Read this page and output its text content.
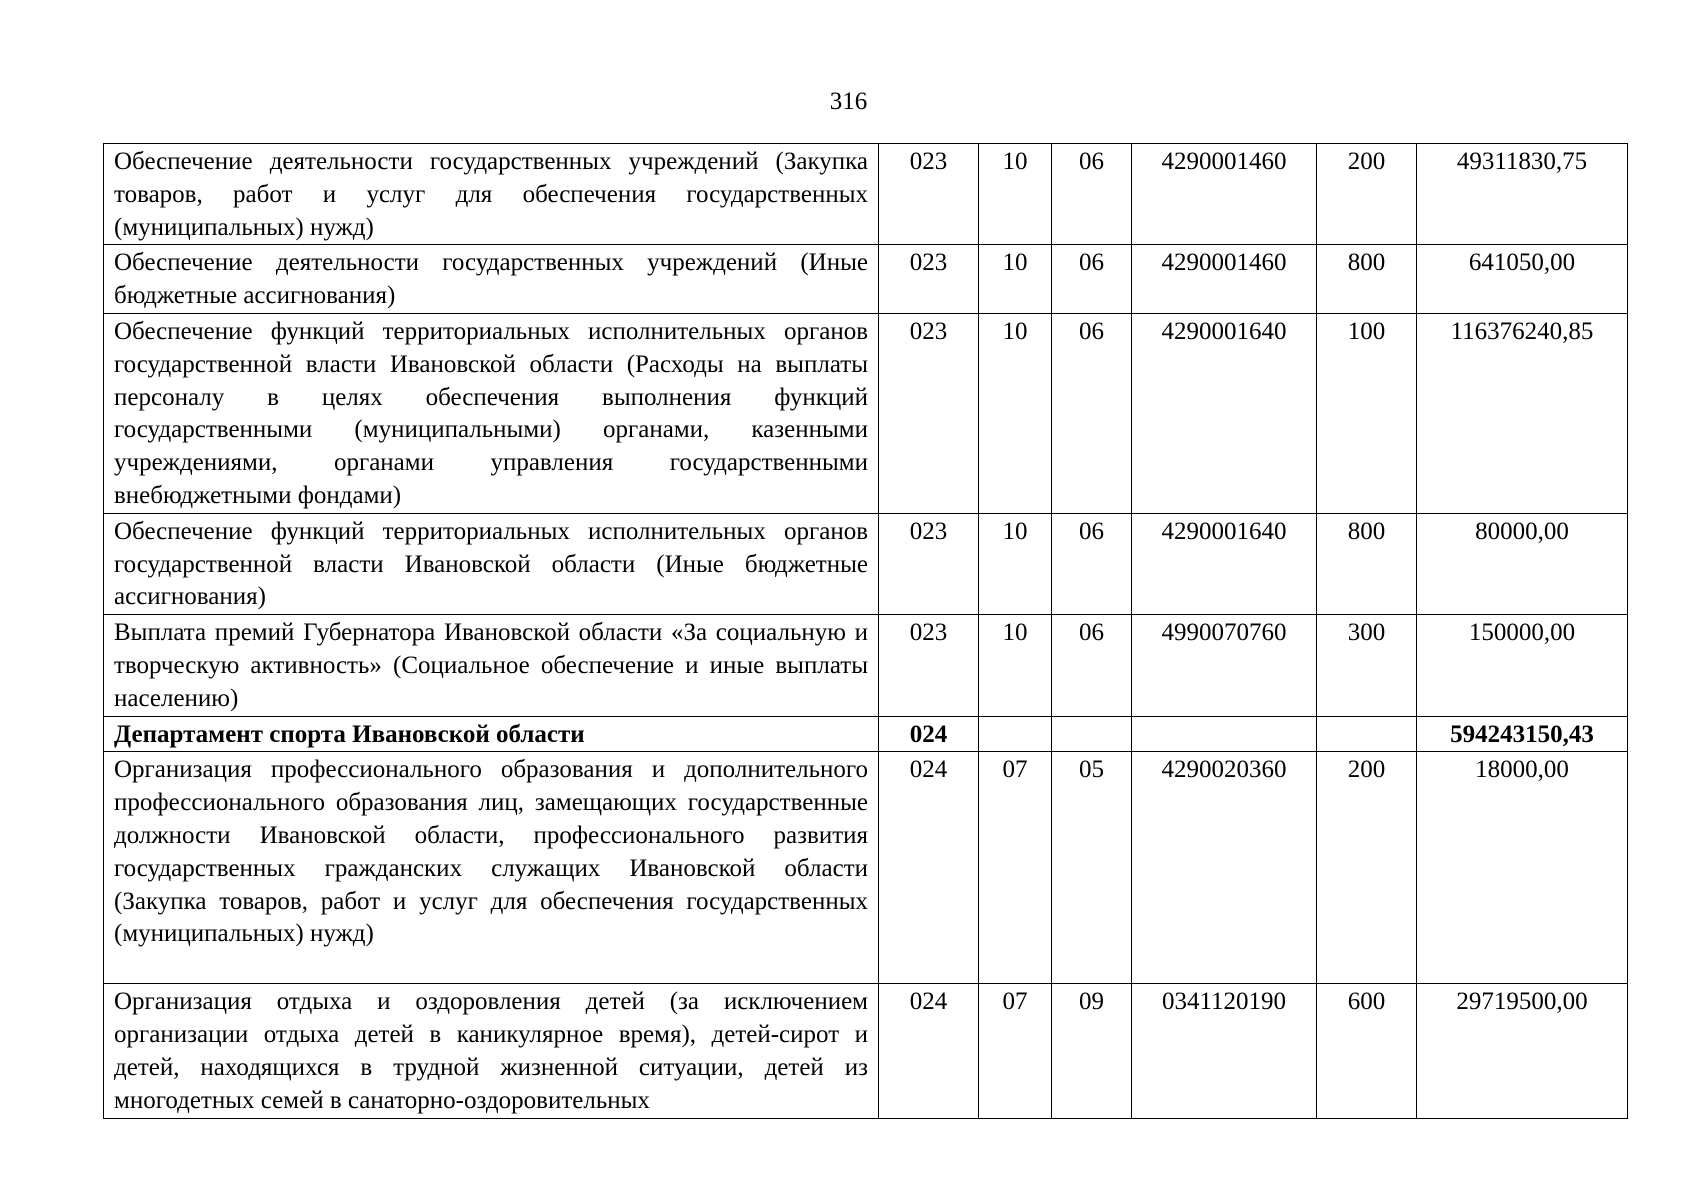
316
Обеспечение деятельности государственных учреждений (Закупка товаров, работ и услуг для обеспечения государственных (муниципальных) нужд)	023	10	06	4290001460	200	49311830,75
Обеспечение деятельности государственных учреждений (Иные бюджетные ассигнования)	023	10	06	4290001460	800	641050,00
Обеспечение функций территориальных исполнительных органов государственной власти Ивановской области (Расходы на выплаты персоналу в целях обеспечения выполнения функций государственными (муниципальными) органами, казенными учреждениями, органами управления государственными внебюджетными фондами)	023	10	06	4290001640	100	116376240,85
Обеспечение функций территориальных исполнительных органов государственной власти Ивановской области (Иные бюджетные ассигнования)	023	10	06	4290001640	800	80000,00
Выплата премий Губернатора Ивановской области «За социальную и творческую активность» (Социальное обеспечение и иные выплаты населению)	023	10	06	4990070760	300	150000,00
Департамент спорта Ивановской области	024					594243150,43
Организация профессионального образования и дополнительного профессионального образования лиц, замещающих государственные должности Ивановской области, профессионального развития государственных гражданских служащих Ивановской области (Закупка товаров, работ и услуг для обеспечения государственных (муниципальных) нужд)	024	07	05	4290020360	200	18000,00
Организация отдыха и оздоровления детей (за исключением организации отдыха детей в каникулярное время), детей-сирот и детей, находящихся в трудной жизненной ситуации, детей из многодетных семей в санаторно-оздоровительных	024	07	09	0341120190	600	29719500,00
